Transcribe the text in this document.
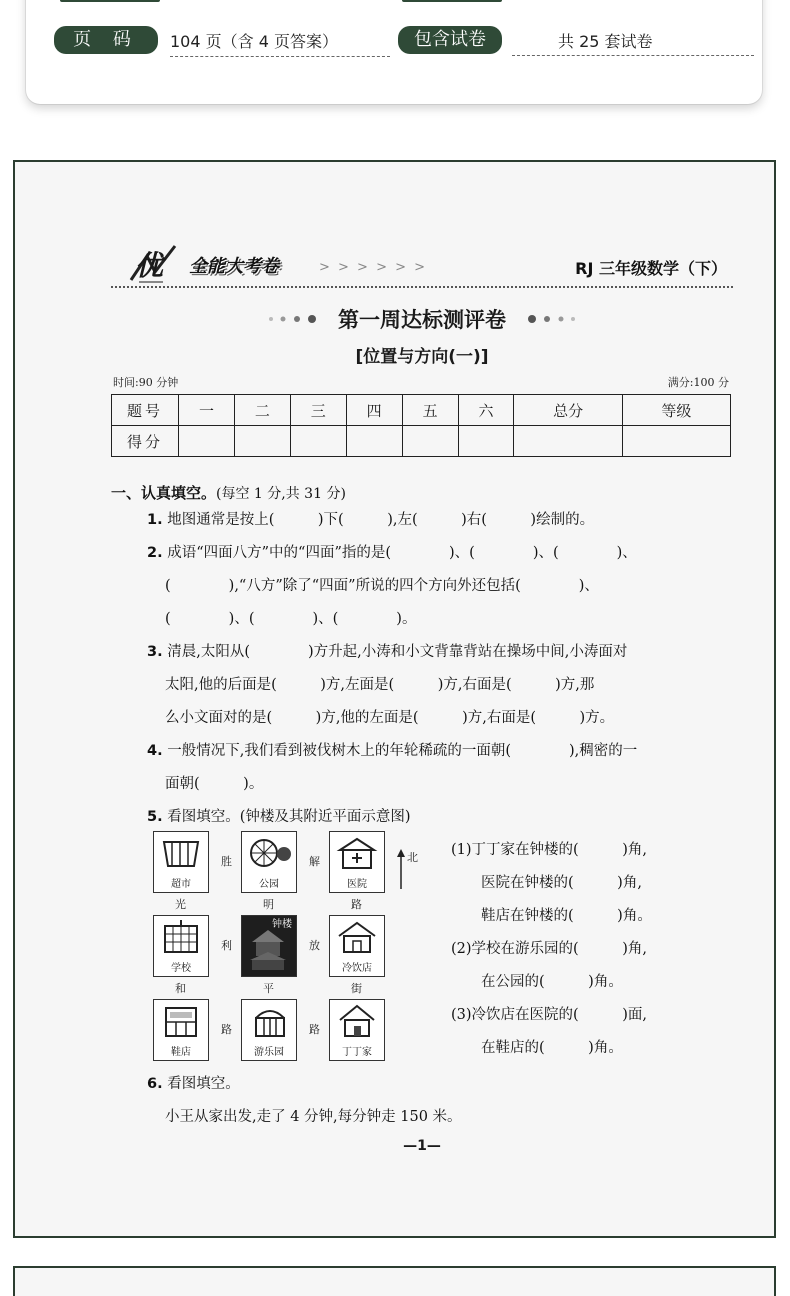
页 码	104 页（含 4 页答案）	包含试卷	共 25 套试卷
优 全能大考卷	> > > > > >	RJ 三年级数学（下）
第一周达标测评卷
[位置与方向(一)]
时间:90 分钟	满分:100 分
题号	一	二	三	四	五	六	总分	等级
得分								
一、认真填空。(每空 1 分,共 31 分)
1. 地图通常是按上(　　　)下(　　　),左(　　　)右(　　　)绘制的。
2. 成语“四面八方”中的“四面”指的是(　　　　)、(　　　　)、(　　　　)、
(　　　　),“八方”除了“四面”所说的四个方向外还包括(　　　　)、
(　　　　)、(　　　　)、(　　　　)。
3. 清晨,太阳从(　　　　)方升起,小涛和小文背靠背站在操场中间,小涛面对
太阳,他的后面是(　　　)方,左面是(　　　)方,右面是(　　　)方,那
么小文面对的是(　　　)方,他的左面是(　　　)方,右面是(　　　)方。
4. 一般情况下,我们看到被伐树木上的年轮稀疏的一面朝(　　　　),稠密的一
面朝(　　　)。
5. 看图填空。(钟楼及其附近平面示意图)
超市	公园	医院
学校
钟楼
冷饮店
鞋店	游乐园	丁丁家
胜	解
光	明	路
利	放
和	平	街
路	路
北 (1)丁丁家在钟楼的(　　　)角,
医院在钟楼的(　　　)角,
鞋店在钟楼的(　　　)角。
(2)学校在游乐园的(　　　)角,
在公园的(　　　)角。
(3)冷饮店在医院的(　　　)面,
在鞋店的(　　　)角。
6. 看图填空。
小王从家出发,走了 4 分钟,每分钟走 150 米。
—1—
